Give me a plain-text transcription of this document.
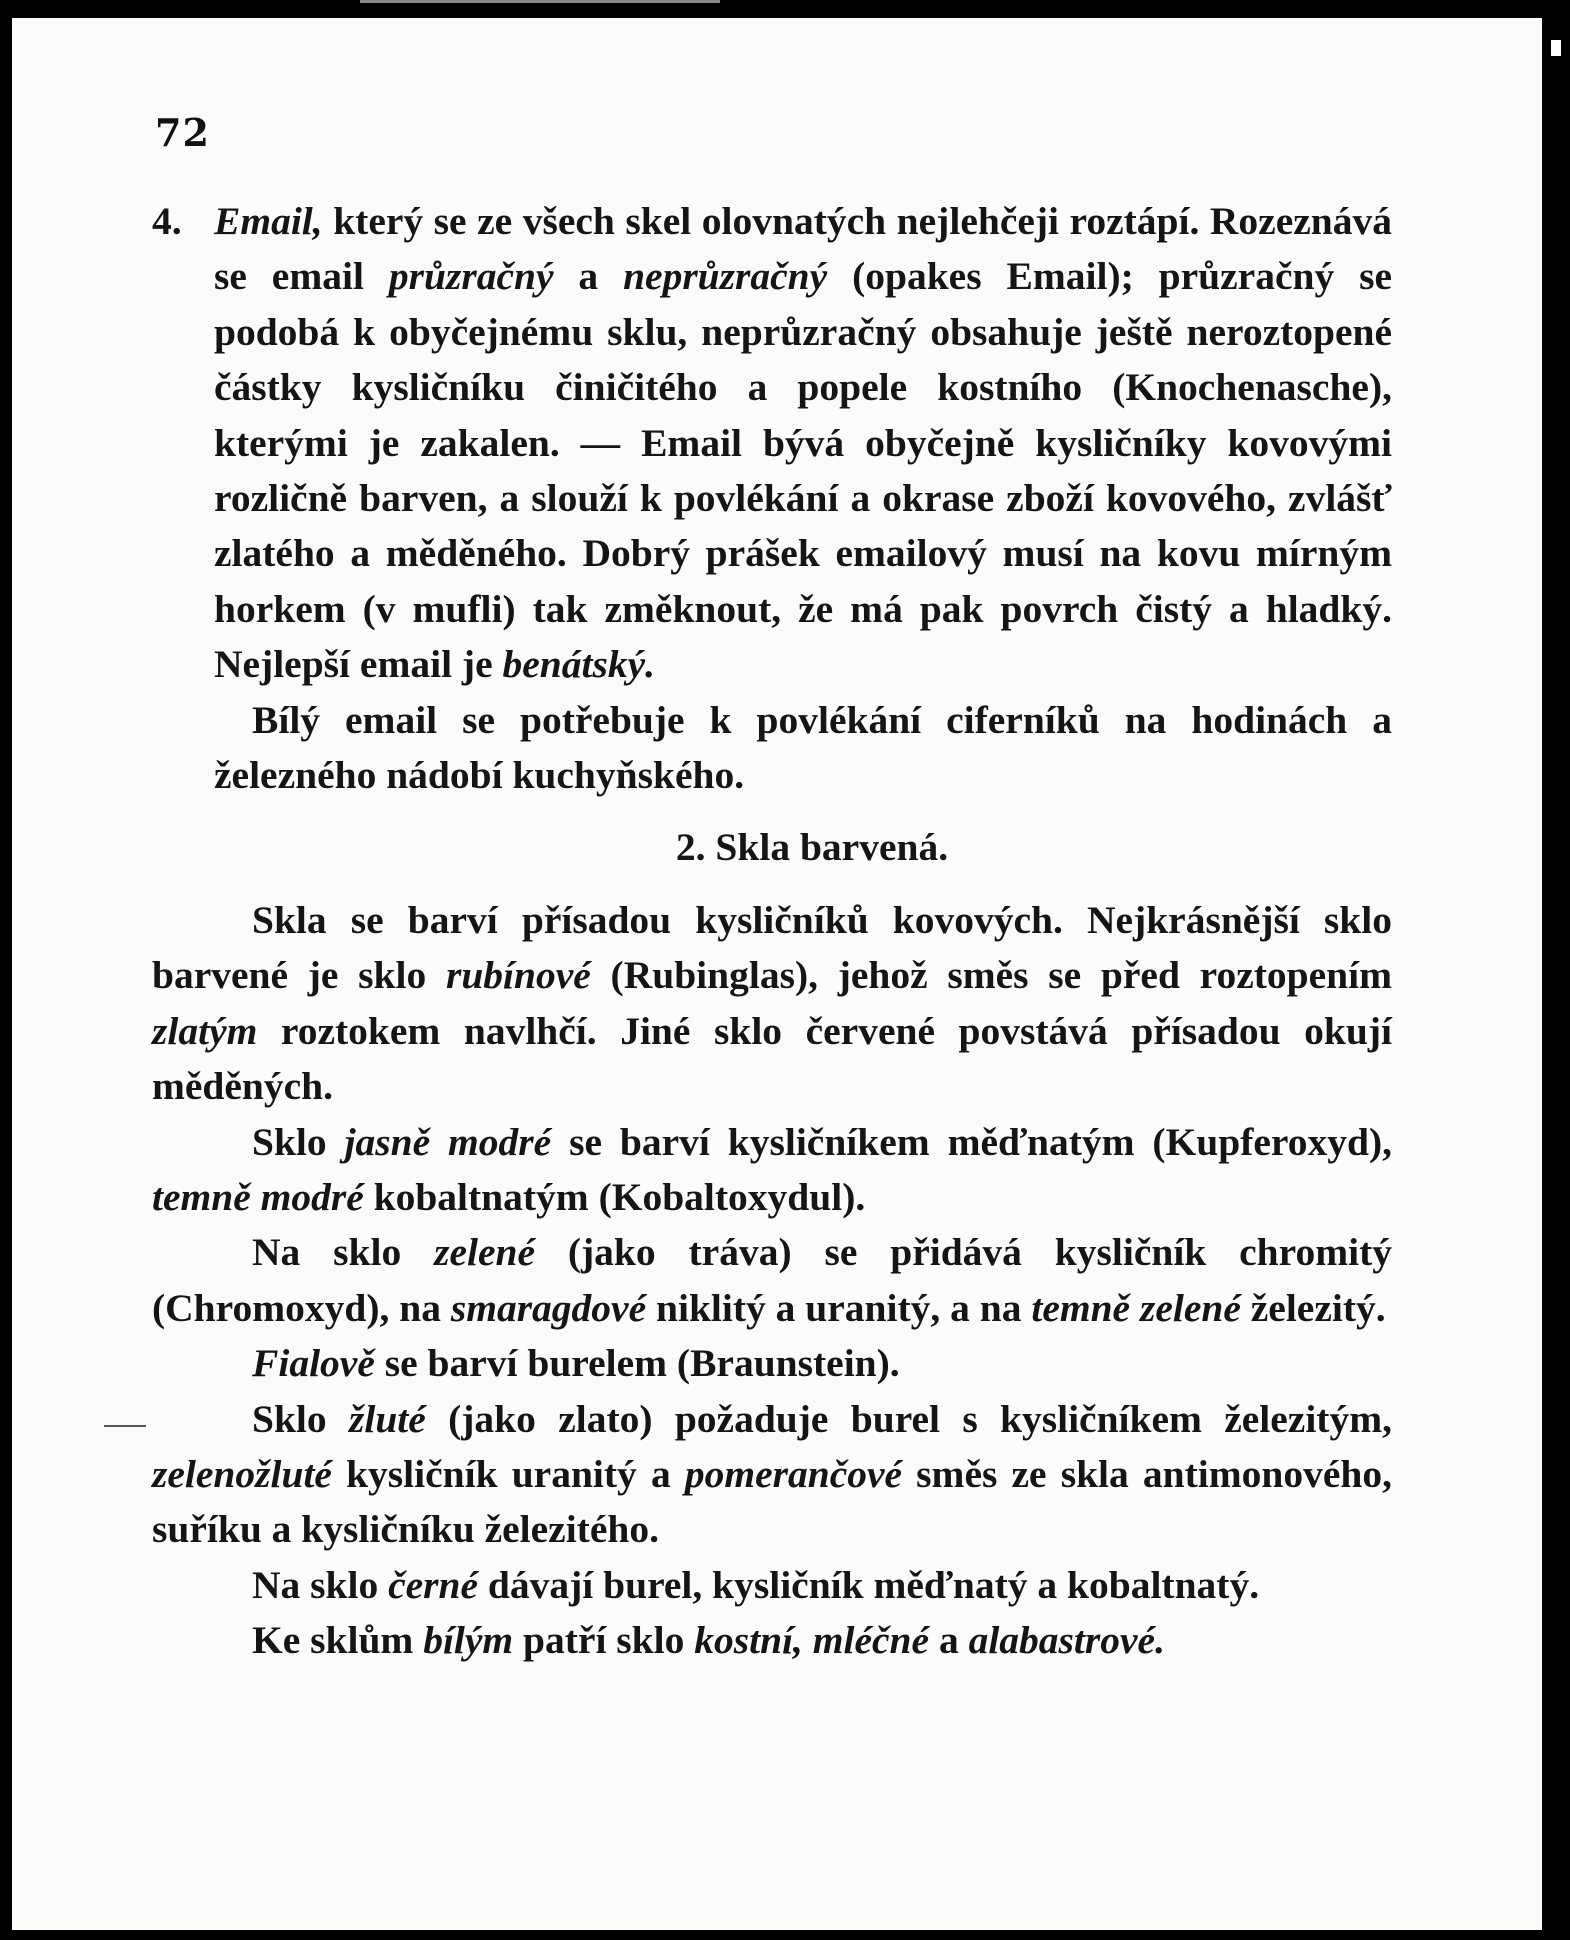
72
4. Email, který se ze všech skel olovnatých nejlehčeji roztápí. Rozeznává se email průzračný a neprůzračný (opakes Email); průzračný se podobá k obyčejnému sklu, neprůzračný obsahuje ještě neroztopené částky kysličníku činičitého a popele kostního (Knochenasche), kterými je zakalen. — Email bývá obyčejně kysličníky kovovými rozličně barven, a slouží k povlékání a okrase zboží kovového, zvlášť zlatého a měděného. Dobrý prášek emailový musí na kovu mírným horkem (v mufli) tak změknout, že má pak povrch čistý a hladký. Nejlepší email je benátský.

Bílý email se potřebuje k povlékání ciferníků na hodinách a železného nádobí kuchyňského.

2. Skla barvená.

Skla se barví přísadou kysličníků kovových. Nejkrásnější sklo barvené je sklo rubínové (Rubinglas), jehož směs se před roztopením zlatým roztokem navlhčí. Jiné sklo červené povstává přísadou okují měděných.

Sklo jasně modré se barví kysličníkem měďnatým (Kupferoxyd), temně modré kobaltnatým (Kobaltoxydul).

Na sklo zelené (jako tráva) se přidává kysličník chromitý (Chromoxyd), na smaragdové niklitý a uranitý, a na temně zelené železitý.

Fialově se barví burelem (Braunstein).

Sklo žluté (jako zlato) požaduje burel s kysličníkem železitým, zelenožluté kysličník uranitý a pomerančové směs ze skla antimonového, suříku a kysličníku železitého.

Na sklo černé dávají burel, kysličník měďnatý a kobaltnatý.

Ke sklům bílým patří sklo kostní, mléčné a alabastrové.
